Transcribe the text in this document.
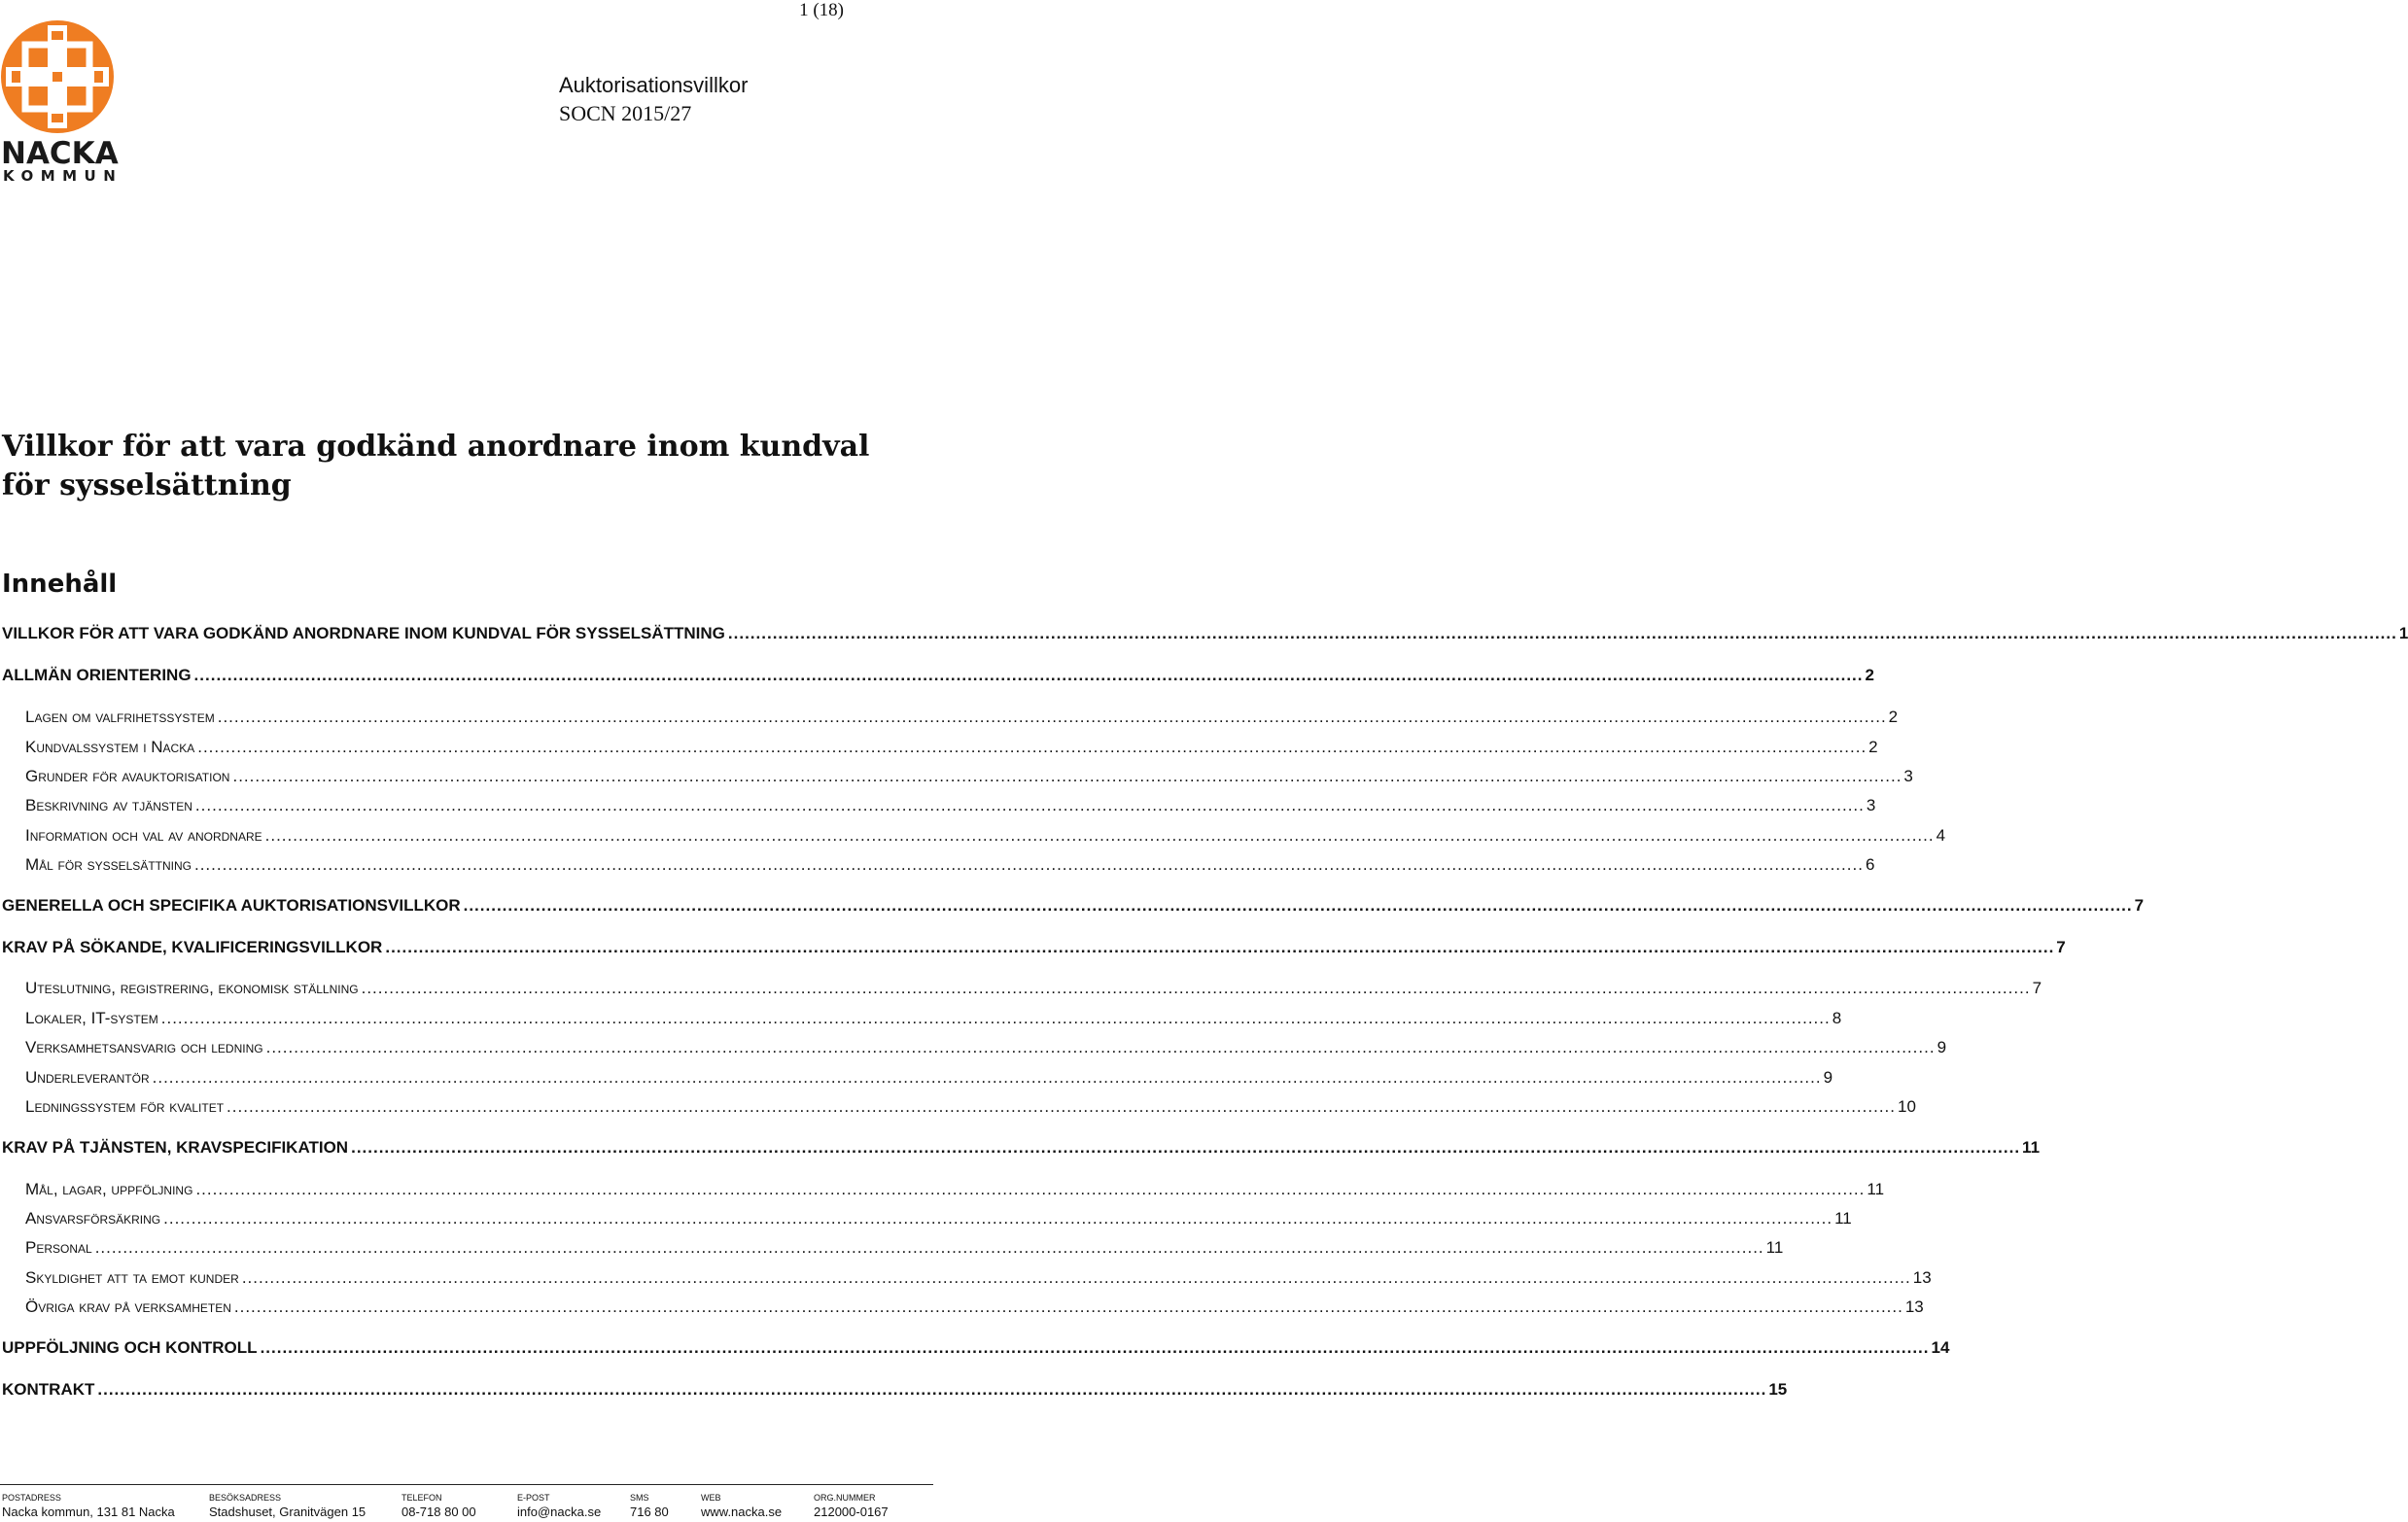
1 (18)
NACKA
KOMMUN
Auktorisationsvillkor
SOCN 2015/27
Villkor för att vara godkänd anordnare inom kundval för sysselsättning
Innehåll
VILLKOR FÖR ATT VARA GODKÄND ANORDNARE INOM KUNDVAL FÖR SYSSELSÄTTNING ............................................................................................................................................................................................................................................................................................................ 1
ALLMÄN ORIENTERING ............................................................................................................................................................................................................................................................................................................ 2
Lagen om valfrihetssystem ............................................................................................................................................................................................................................................................................................................ 2
Kundvalssystem i Nacka ............................................................................................................................................................................................................................................................................................................ 2
Grunder för avauktorisation ............................................................................................................................................................................................................................................................................................................ 3
Beskrivning av tjänsten ............................................................................................................................................................................................................................................................................................................ 3
Information och val av anordnare ............................................................................................................................................................................................................................................................................................................ 4
Mål för sysselsättning ............................................................................................................................................................................................................................................................................................................ 6
GENERELLA OCH SPECIFIKA AUKTORISATIONSVILLKOR ............................................................................................................................................................................................................................................................................................................ 7
KRAV PÅ SÖKANDE, KVALIFICERINGSVILLKOR ............................................................................................................................................................................................................................................................................................................ 7
Uteslutning, registrering, ekonomisk ställning ............................................................................................................................................................................................................................................................................................................ 7
Lokaler, IT-system ............................................................................................................................................................................................................................................................................................................ 8
Verksamhetsansvarig och ledning ............................................................................................................................................................................................................................................................................................................ 9
Underleverantör ............................................................................................................................................................................................................................................................................................................ 9
Ledningssystem för kvalitet ............................................................................................................................................................................................................................................................................................................ 10
KRAV PÅ TJÄNSTEN, KRAVSPECIFIKATION ............................................................................................................................................................................................................................................................................................................ 11
Mål, lagar, uppföljning ............................................................................................................................................................................................................................................................................................................ 11
Ansvarsförsäkring ............................................................................................................................................................................................................................................................................................................ 11
Personal ............................................................................................................................................................................................................................................................................................................ 11
Skyldighet att ta emot kunder ............................................................................................................................................................................................................................................................................................................ 13
Övriga krav på verksamheten ............................................................................................................................................................................................................................................................................................................ 13
UPPFÖLJNING OCH KONTROLL ............................................................................................................................................................................................................................................................................................................ 14
KONTRAKT ............................................................................................................................................................................................................................................................................................................ 15
POSTADRESS
Nacka kommun, 131 81 Nacka
BESÖKSADRESS
Stadshuset, Granitvägen 15
TELEFON
08-718 80 00
E-POST
info@nacka.se
SMS
716 80
WEB
www.nacka.se
ORG.NUMMER
212000-0167
